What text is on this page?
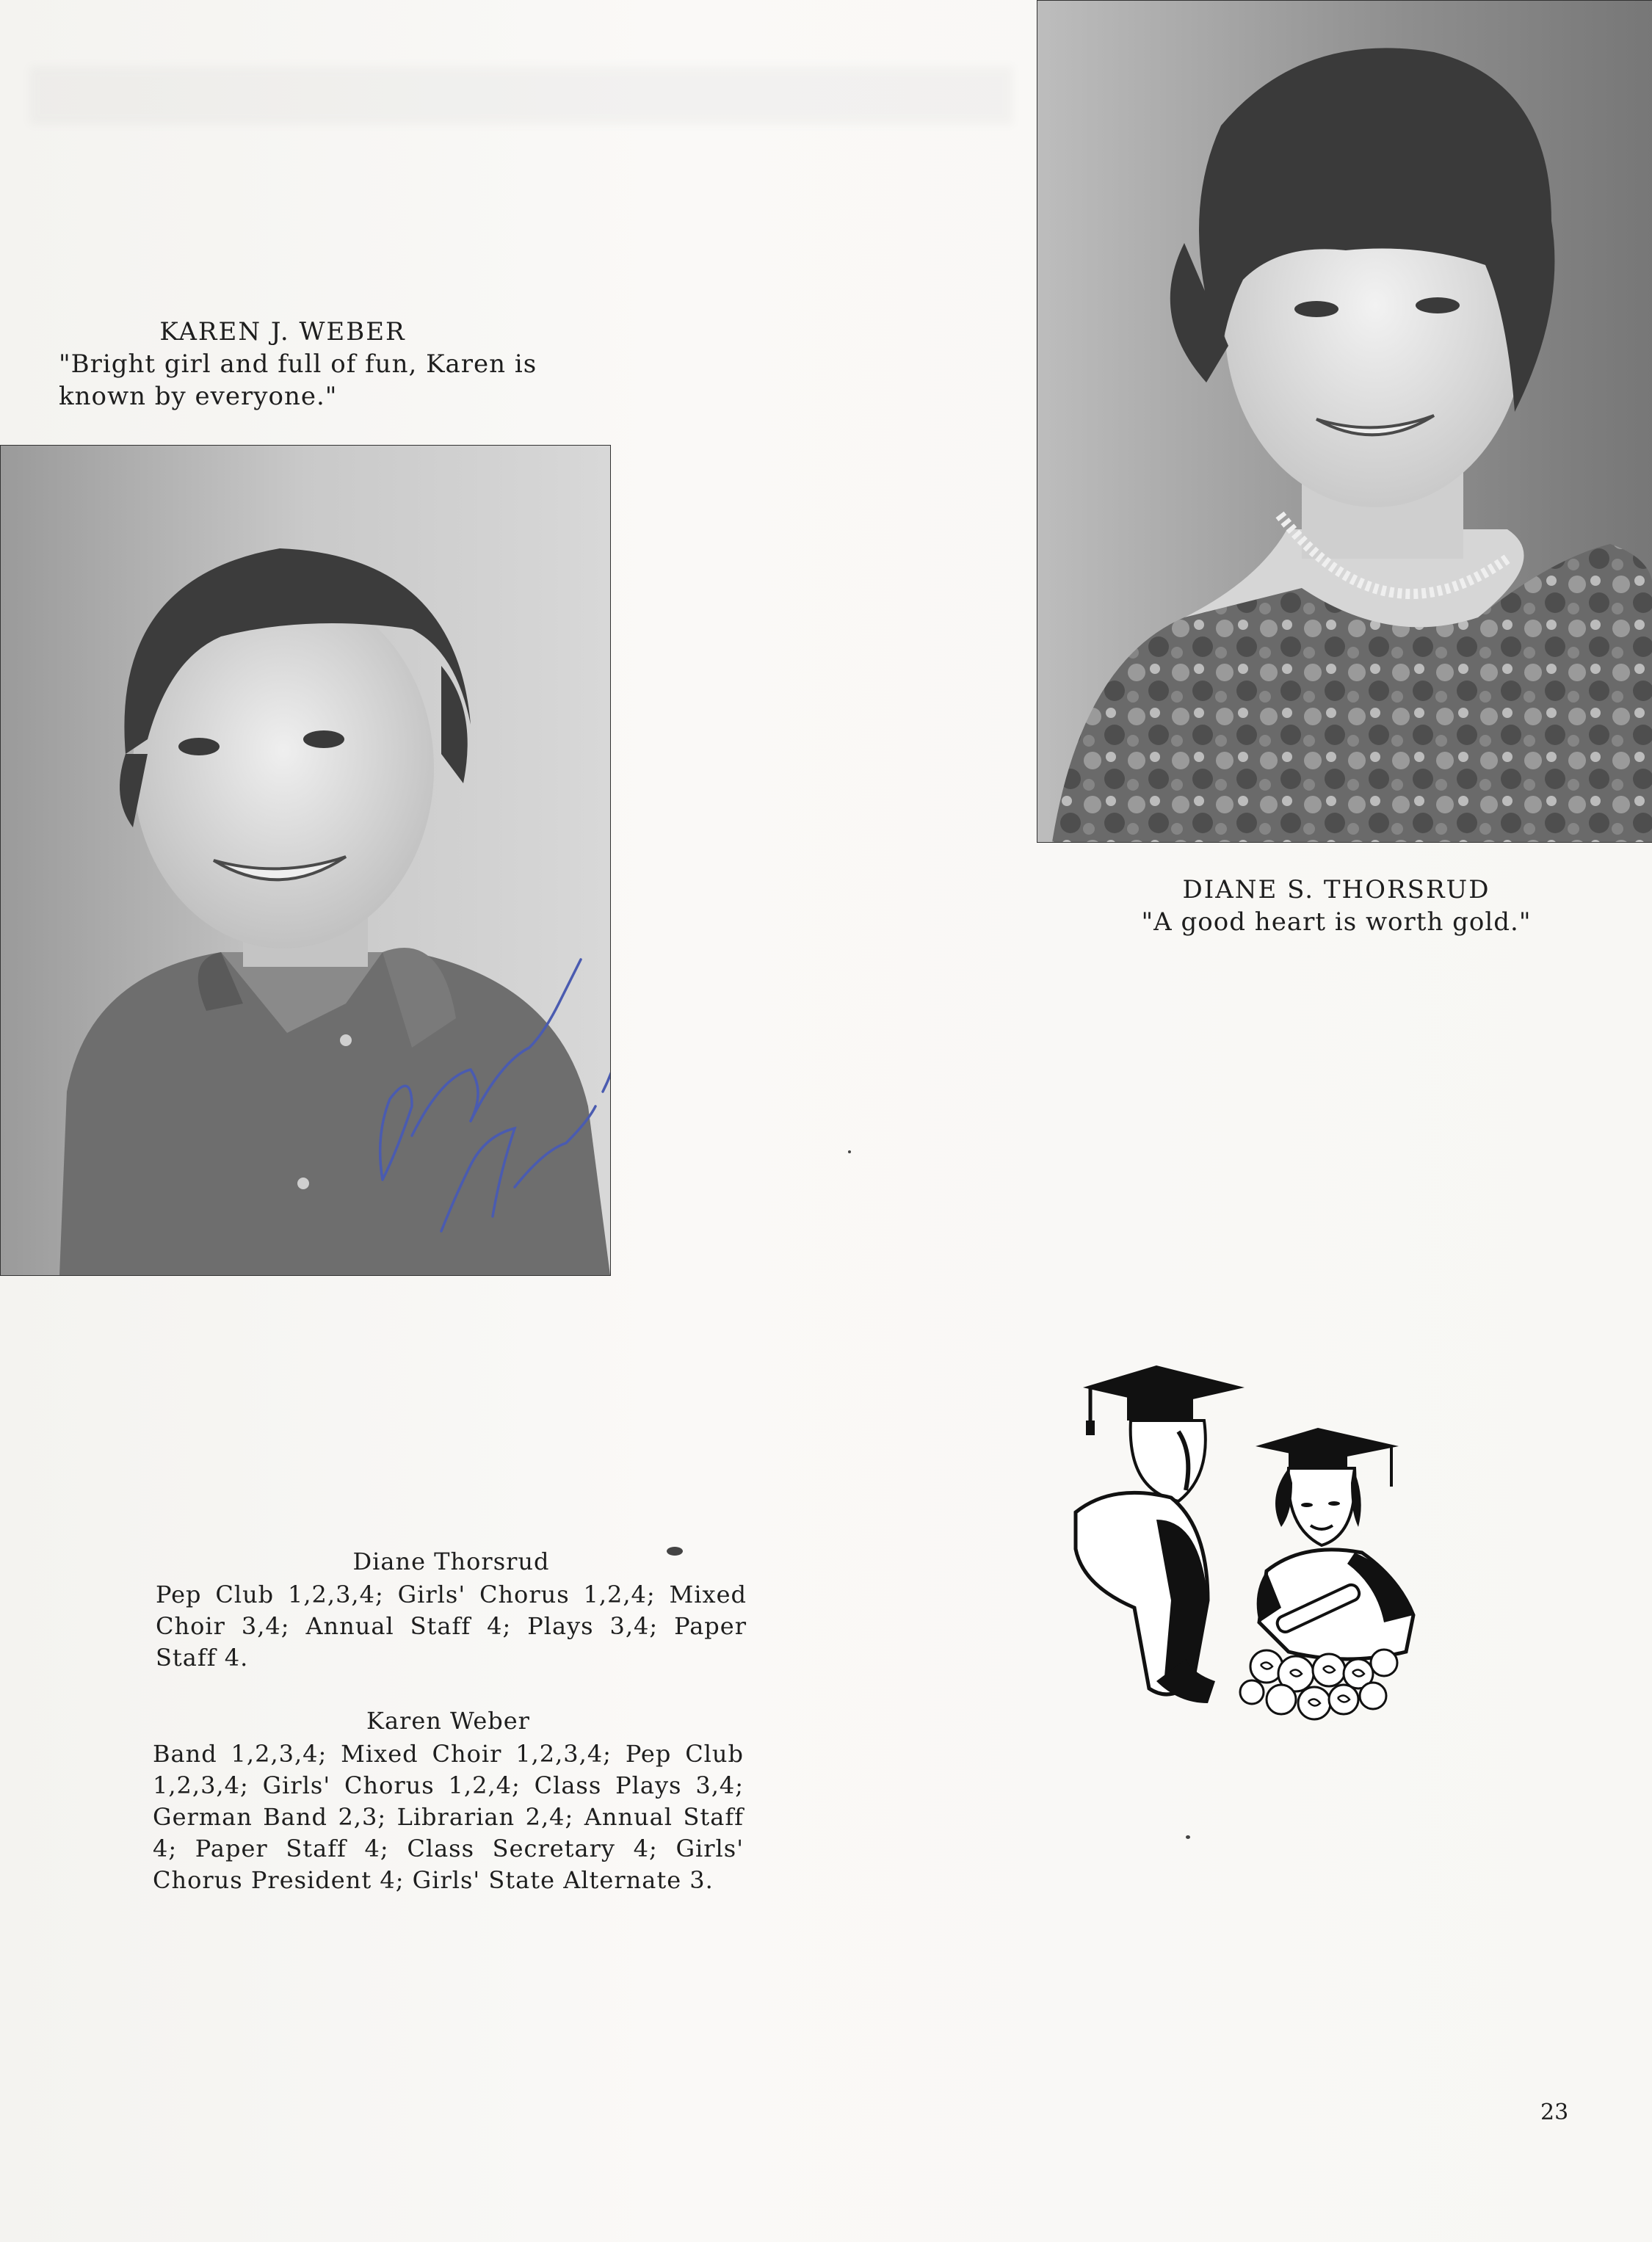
KAREN J. WEBER
"Bright girl and full of fun, Karen is known by everyone."
DIANE S. THORSRUD
"A good heart is worth gold."
Diane Thorsrud
Pep Club 1,2,3,4; Girls' Chorus 1,2,4; Mixed Choir 3,4; Annual Staff 4; Plays 3,4; Paper Staff 4.
Karen Weber
Band 1,2,3,4; Mixed Choir 1,2,3,4; Pep Club 1,2,3,4; Girls' Chorus 1,2,4; Class Plays 3,4; German Band 2,3; Librarian 2,4; Annual Staff 4; Paper Staff 4; Class Secretary 4; Girls' Chorus President 4; Girls' State Alternate 3.
23
